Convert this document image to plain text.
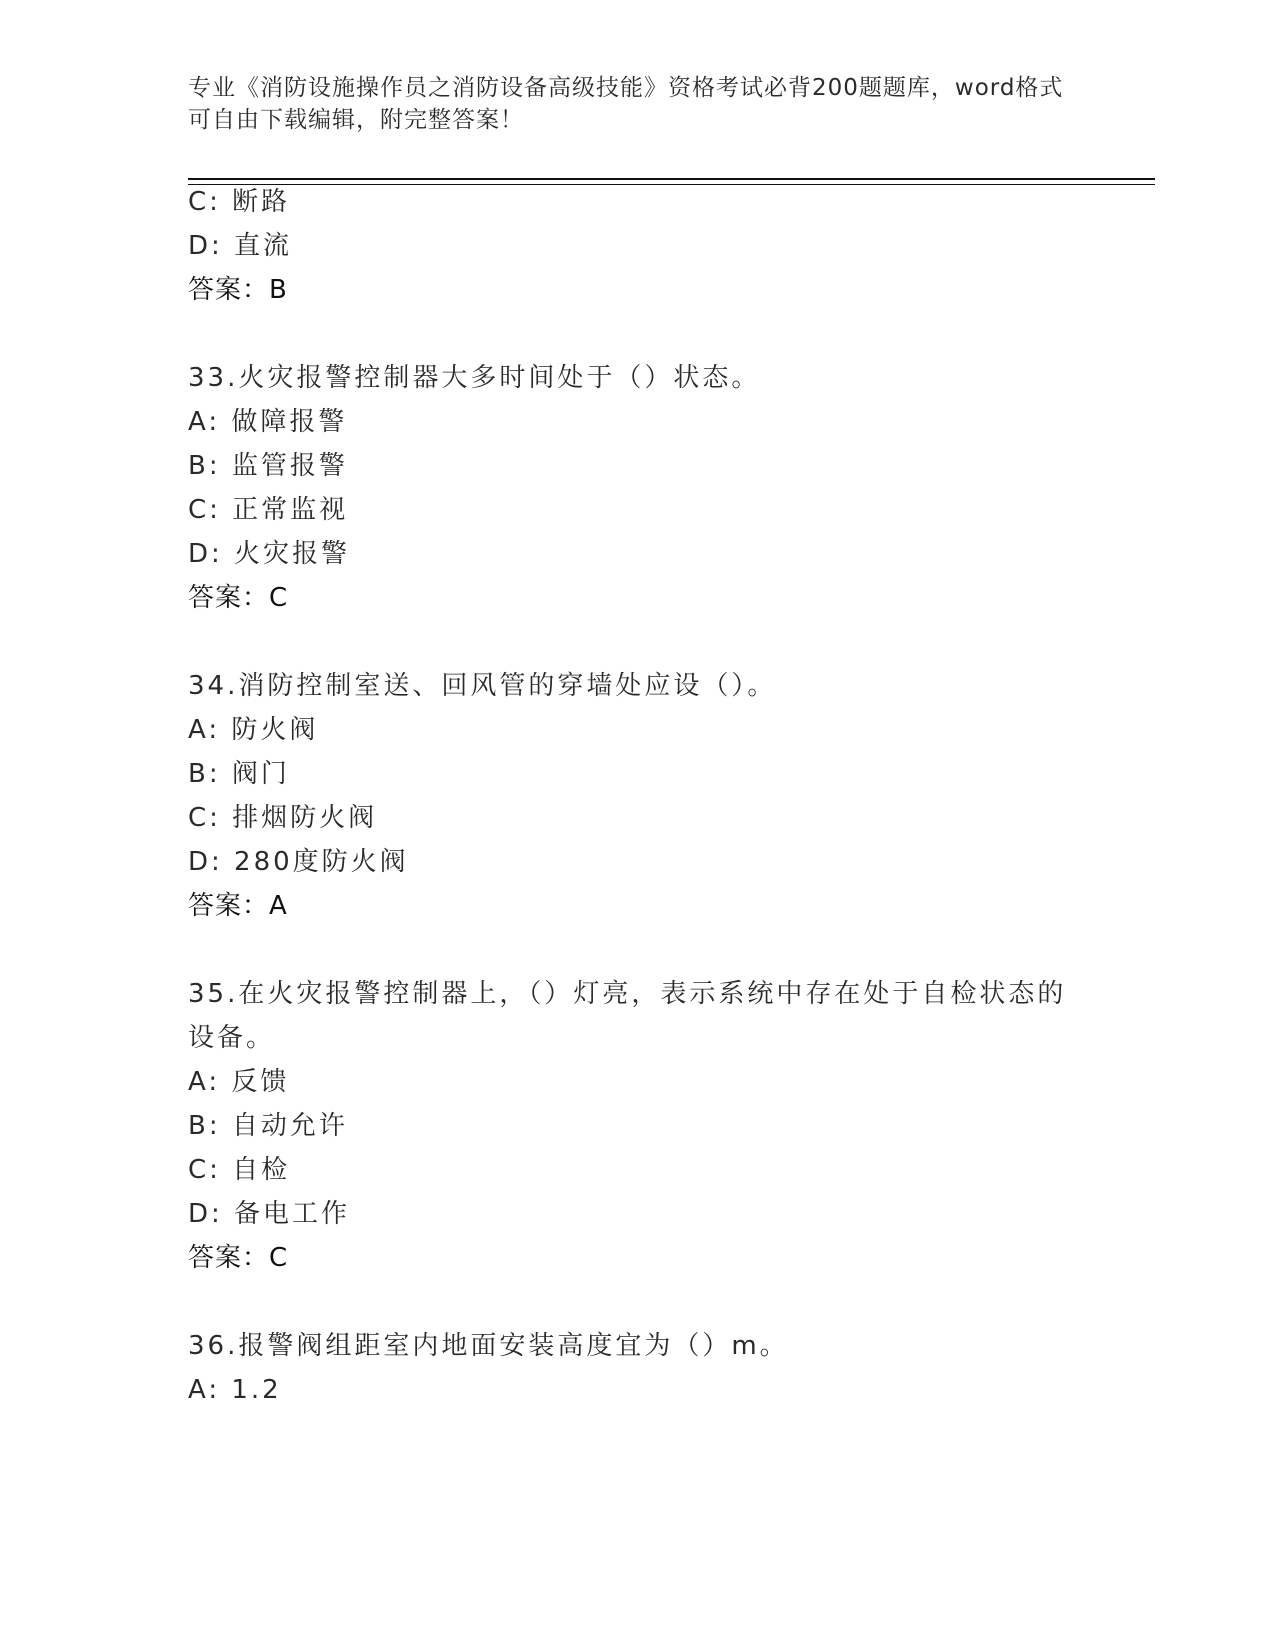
专业《消防设施操作员之消防设备高级技能》资格考试必背200题题库，word格式可自由下载编辑，附完整答案！
C: 断路
D: 直流
答案：B
33.火灾报警控制器大多时间处于（）状态。
A: 做障报警
B: 监管报警
C: 正常监视
D: 火灾报警
答案：C
34.消防控制室送、回风管的穿墙处应设（）。
A: 防火阀
B: 阀门
C: 排烟防火阀
D: 280度防火阀
答案：A
35.在火灾报警控制器上，（）灯亮，表示系统中存在处于自检状态的
设备。
A: 反馈
B: 自动允许
C: 自检
D: 备电工作
答案：C
36.报警阀组距室内地面安装高度宜为（）m。
A: 1.2
